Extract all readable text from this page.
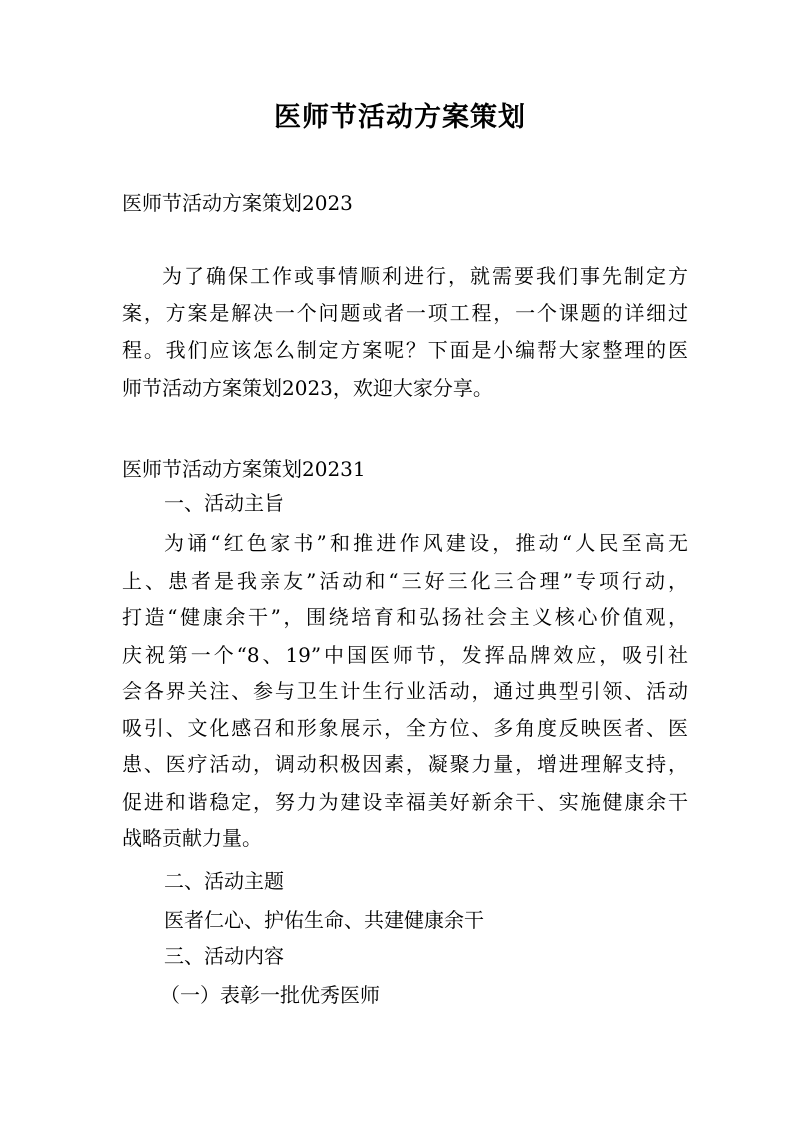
医师节活动方案策划
医师节活动方案策划2023
为了确保工作或事情顺利进行，就需要我们事先制定方
案，方案是解决一个问题或者一项工程，一个课题的详细过
程。我们应该怎么制定方案呢？下面是小编帮大家整理的医
师节活动方案策划2023，欢迎大家分享。
医师节活动方案策划20231
一、活动主旨
为诵“红色家书”和推进作风建设，推动“人民至高无
上、患者是我亲友”活动和“三好三化三合理”专项行动，
打造“健康余干”，围绕培育和弘扬社会主义核心价值观，
庆祝第一个“8、19”中国医师节，发挥品牌效应，吸引社
会各界关注、参与卫生计生行业活动，通过典型引领、活动
吸引、文化感召和形象展示，全方位、多角度反映医者、医
患、医疗活动，调动积极因素，凝聚力量，增进理解支持，
促进和谐稳定，努力为建设幸福美好新余干、实施健康余干
战略贡献力量。
二、活动主题
医者仁心、护佑生命、共建健康余干
三、活动内容
（一）表彰一批优秀医师
